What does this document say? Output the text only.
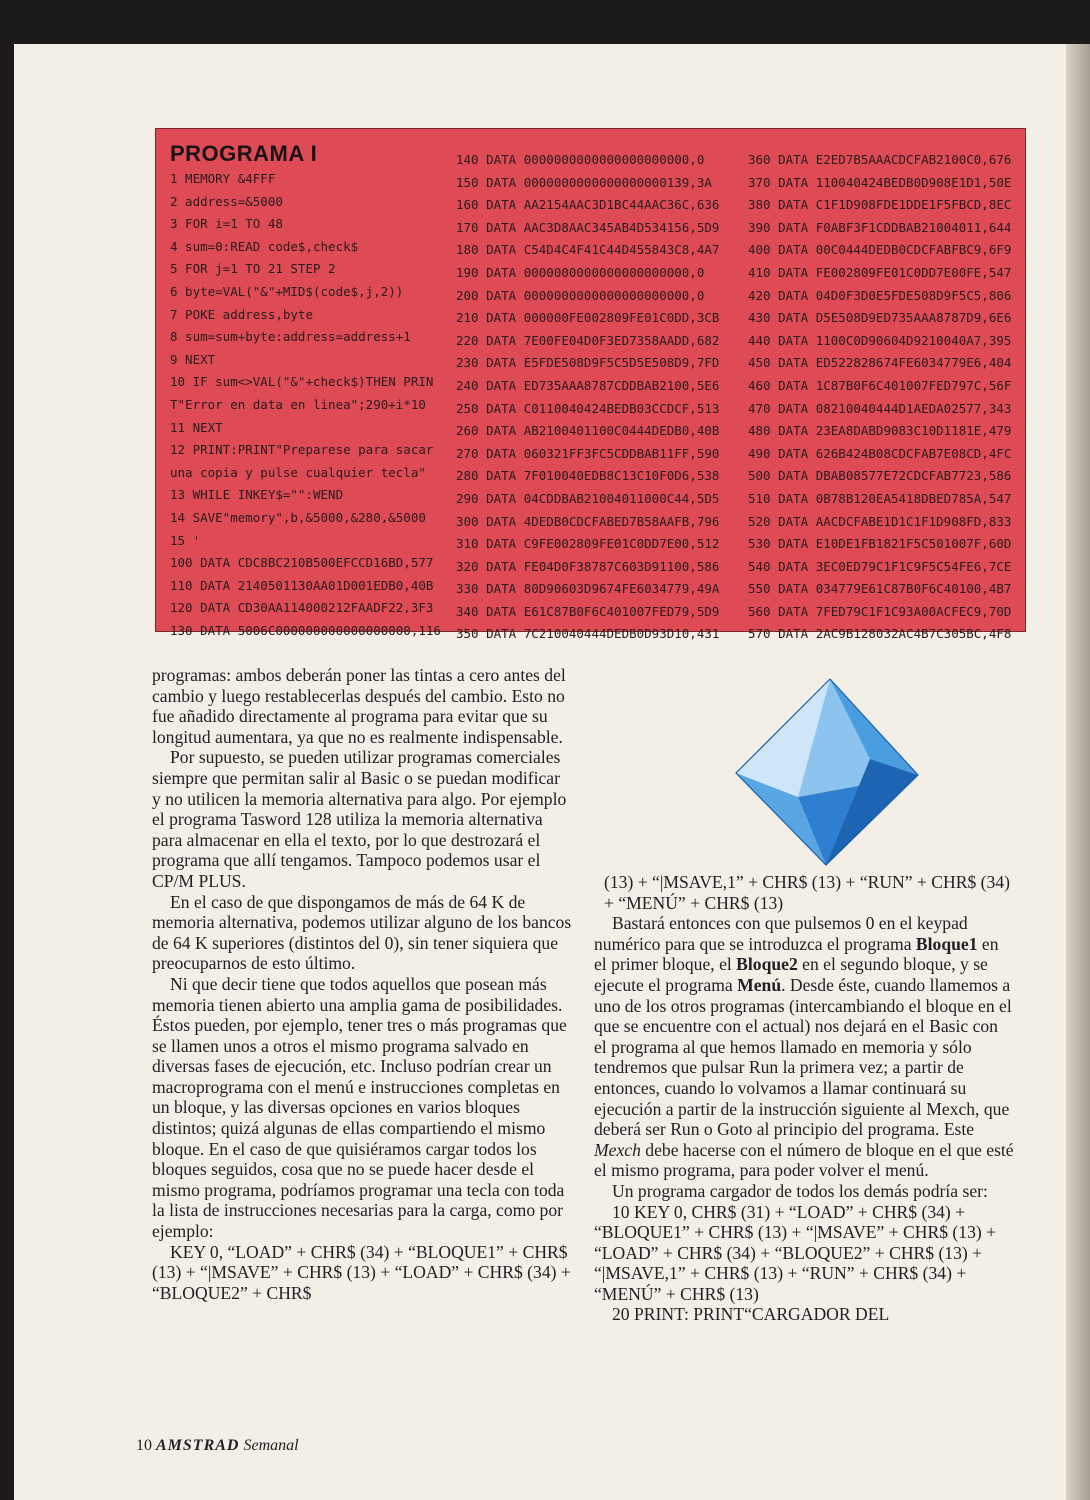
PROGRAMA I
1 MEMORY &4FFF
2 address=&5000
3 FOR i=1 TO 48
4 sum=0:READ code$,check$
5 FOR j=1 TO 21 STEP 2
6 byte=VAL("&"+MID$(code$,j,2))
7 POKE address,byte
8 sum=sum+byte:address=address+1
9 NEXT
10 IF sum<>VAL("&"+check$)THEN PRIN
T"Error en data en linea";290+i*10
11 NEXT
12 PRINT:PRINT"Preparese para sacar
una copia y pulse cualquier tecla"
13 WHILE INKEY$="":WEND
14 SAVE"memory",b,&5000,&280,&5000
15 '
100 DATA CDC8BC210B500EFCCD16BD,577
110 DATA 2140501130AA01D001EDB0,40B
120 DATA CD30AA114000212FAADF22,3F3
130 DATA 5006C000000000000000000,116
140 DATA 0000000000000000000000,0
150 DATA 0000000000000000000139,3A
160 DATA AA2154AAC3D1BC44AAC36C,636
170 DATA AAC3D8AAC345AB4D534156,5D9
180 DATA C54D4C4F41C44D455843C8,4A7
190 DATA 0000000000000000000000,0
200 DATA 0000000000000000000000,0
210 DATA 000000FE002809FE01C0DD,3CB
220 DATA 7E00FE04D0F3ED7358AADD,682
230 DATA E5FDE508D9F5C5D5E508D9,7FD
240 DATA ED735AAA8787CDDBAB2100,5E6
250 DATA C0110040424BEDB03CCDCF,513
260 DATA AB2100401100C0444DEDB0,40B
270 DATA 060321FF3FC5CDDBAB11FF,590
280 DATA 7F010040EDB8C13C10F0D6,538
290 DATA 04CDDBAB21004011000C44,5D5
300 DATA 4DEDB0CDCFABED7B58AAFB,796
310 DATA C9FE002809FE01C0DD7E00,512
320 DATA FE04D0F38787C603D91100,586
330 DATA 80D90603D9674FE6034779,49A
340 DATA E61C87B0F6C401007FED79,5D9
350 DATA 7C210040444DEDB0D93D10,431
360 DATA E2ED7B5AAACDCFAB2100C0,676
370 DATA 110040424BEDB0D908E1D1,50E
380 DATA C1F1D908FDE1DDE1F5FBCD,8EC
390 DATA F0ABF3F1CDDBAB21004011,644
400 DATA 00C0444DEDB0CDCFABFBC9,6F9
410 DATA FE002809FE01C0DD7E00FE,547
420 DATA 04D0F3D0E5FDE508D9F5C5,806
430 DATA D5E508D9ED735AAA8787D9,6E6
440 DATA 1100C0D90604D9210040A7,395
450 DATA ED522828674FE6034779E6,404
460 DATA 1C87B0F6C401007FED797C,56F
470 DATA 08210040444D1AEDA02577,343
480 DATA 23EA8DABD9083C10D1181E,479
490 DATA 626B424B08CDCFAB7E08CD,4FC
500 DATA DBAB08577E72CDCFAB7723,586
510 DATA 0B78B120EA5418DBED785A,547
520 DATA AACDCFABE1D1C1F1D908FD,833
530 DATA E10DE1FB1821F5C501007F,60D
540 DATA 3EC0ED79C1F1C9F5C54FE6,7CE
550 DATA 034779E61C87B0F6C40100,4B7
560 DATA 7FED79C1F1C93A00ACFEC9,70D
570 DATA 2AC9B128032AC4B7C305BC,4F8

programas: ambos deberán poner las tintas a cero antes del cambio y luego restablecerlas después del cambio. Esto no fue añadido directamente al programa para evitar que su longitud aumentara, ya que no es realmente indispensable.

Por supuesto, se pueden utilizar programas comerciales siempre que permitan salir al Basic o se puedan modificar y no utilicen la memoria alternativa para algo. Por ejemplo el programa Tasword 128 utiliza la memoria alternativa para almacenar en ella el texto, por lo que destrozará el programa que allí tengamos. Tampoco podemos usar el CP/M PLUS.

En el caso de que dispongamos de más de 64 K de memoria alternativa, podemos utilizar alguno de los bancos de 64 K superiores (distintos del 0), sin tener siquiera que preocuparnos de esto último.

Ni que decir tiene que todos aquellos que posean más memoria tienen abierto una amplia gama de posibilidades. Éstos pueden, por ejemplo, tener tres o más programas que se llamen unos a otros el mismo programa salvado en diversas fases de ejecución, etc. Incluso podrían crear un macroprograma con el menú e instrucciones completas en un bloque, y las diversas opciones en varios bloques distintos; quizá algunas de ellas compartiendo el mismo bloque. En el caso de que quisiéramos cargar todos los bloques seguidos, cosa que no se puede hacer desde el mismo programa, podríamos programar una tecla con toda la lista de instrucciones necesarias para la carga, como por ejemplo:

KEY 0, “LOAD” + CHR$ (34) + “BLOQUE1” + CHR$ (13) + “|MSAVE” + CHR$ (13) + “LOAD” + CHR$ (34) + “BLOQUE2” + CHR$

(13) + “|MSAVE,1” + CHR$ (13) + “RUN” + CHR$ (34) + “MENÚ” + CHR$ (13)

Bastará entonces con que pulsemos 0 en el keypad numérico para que se introduzca el programa Bloque1 en el primer bloque, el Bloque2 en el segundo bloque, y se ejecute el programa Menú. Desde éste, cuando llamemos a uno de los otros programas (intercambiando el bloque en el que se encuentre con el actual) nos dejará en el Basic con el programa al que hemos llamado en memoria y sólo tendremos que pulsar Run la primera vez; a partir de entonces, cuando lo volvamos a llamar continuará su ejecución a partir de la instrucción siguiente al Mexch, que deberá ser Run o Goto al principio del programa. Este Mexch debe hacerse con el número de bloque en el que esté el mismo programa, para poder volver el menú.

Un programa cargador de todos los demás podría ser:

10 KEY 0, CHR$ (31) + “LOAD” + CHR$ (34) + “BLOQUE1” + CHR$ (13) + “|MSAVE” + CHR$ (13) + “LOAD” + CHR$ (34) + “BLOQUE2” + CHR$ (13) + “|MSAVE,1” + CHR$ (13) + “RUN” + CHR$ (34) + “MENÚ” + CHR$ (13)

20 PRINT: PRINT“CARGADOR DEL

10 AMSTRAD Semanal
